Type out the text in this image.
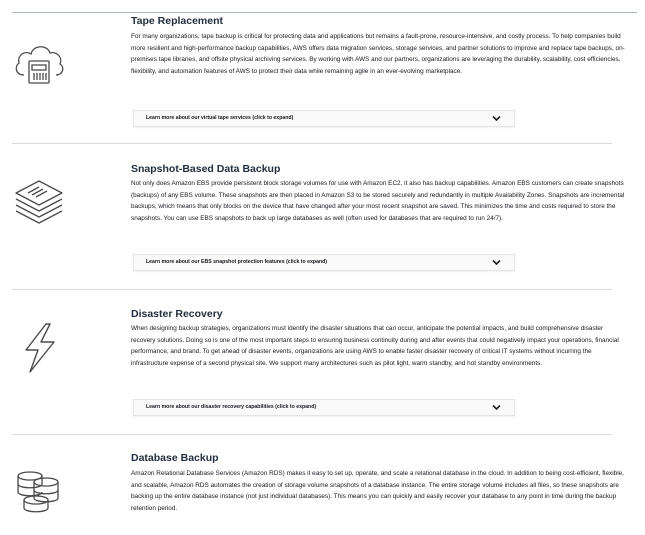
Tape Replacement

For many organizations, tape backup is critical for protecting data and applications but remains a fault-prone, resource-intensive, and costly process. To help companies build more resilient and high-performance backup capabilities, AWS offers data migration services, storage services, and partner solutions to improve and replace tape backups, on-premises tape libraries, and offsite physical archiving services. By working with AWS and our partners, organizations are leveraging the durability, scalability, cost efficiencies, flexibility, and automation features of AWS to protect their data while remaining agile in an ever-evolving marketplace.

Learn more about our virtual tape services (click to expand)
Snapshot-Based Data Backup

Not only does Amazon EBS provide persistent block storage volumes for use with Amazon EC2, it also has backup capabilities. Amazon EBS customers can create snapshots (backups) of any EBS volume. These snapshots are then placed in Amazon S3 to be stored securely and redundantly in multiple Availability Zones. Snapshots are incremental backups, which means that only blocks on the device that have changed after your most recent snapshot are saved. This minimizes the time and costs required to store the snapshots. You can use EBS snapshots to back up large databases as well (often used for databases that are required to run 24/7).

Learn more about our EBS snapshot protection features (click to expand)
Disaster Recovery

When designing backup strategies, organizations must identify the disaster situations that can occur, anticipate the potential impacts, and build comprehensive disaster recovery solutions. Doing so is one of the most important steps to ensuring business continuity during and after events that could negatively impact your operations, financial performance, and brand. To get ahead of disaster events, organizations are using AWS to enable faster disaster recovery of critical IT systems without incurring the infrastructure expense of a second physical site. We support many architectures such as pilot light, warm standby, and hot standby environments.

Learn more about our disaster recovery capabilities (click to expand)
Database Backup

Amazon Relational Database Services (Amazon RDS) makes it easy to set up, operate, and scale a relational database in the cloud. In addition to being cost-efficient, flexible, and scalable, Amazon RDS automates the creation of storage volume snapshots of a database instance. The entire storage volume includes all files, so these snapshots are backing up the entire database instance (not just individual databases). This means you can quickly and easily recover your database to any point in time during the backup retention period.
